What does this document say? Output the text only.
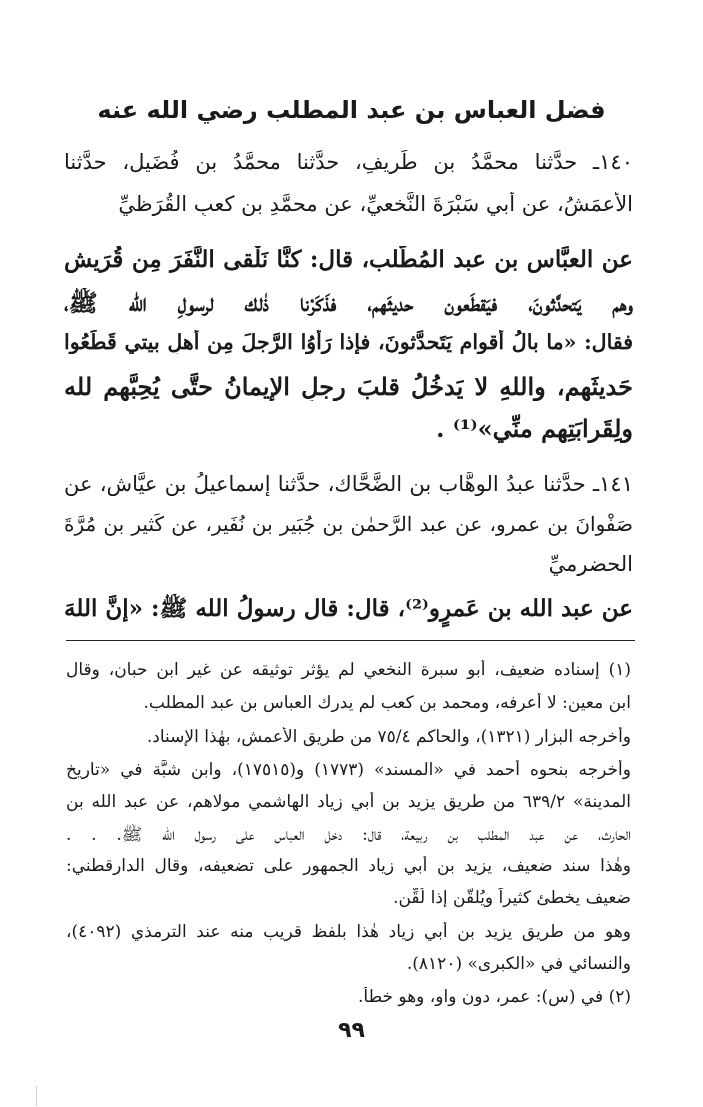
فضل العباس بن عبد المطلب رضي الله عنه
١٤٠ـ حدَّثنا محمَّدُ بن طَرِيفٍ، حدَّثنا محمَّدُ بن فُضَيلٍ، حدَّثنا
الأعمَشُ، عن أبي سَبْرَةَ النَّخعيِّ، عن محمَّدِ بن كعبٍ القُرَظيِّ
عن العبَّاس بن عبد المُطَّلب، قال: كنَّا نَلْقى النَّفَرَ مِن قُرَيشٍ
وهم يَتحدَّثونَ، فيَقطَعون حديثَهم، فذَكَرْنا ذٰلك لرسولِ الله ﷺ،
فقال: «ما بالُ أقوامٍ يَتَحدَّثونَ، فإذا رَأَوُا الرَّجلَ مِن أهلِ بيتي قَطَعُوا
حَديثَهم، واللهِ لا يَدخُلُ قلبَ رجلٍ الإيمانُ حتَّى يُحِبَّهم لله
ولِقَرابَتِهم منِّي»⁽¹⁾ .
١٤١ـ حدَّثنا عبدُ الوهَّاب بن الضَّحَّاك، حدَّثنا إسماعيلُ بن عيَّاش، عن
صَفْوانَ بن عمرو، عن عبد الرَّحمٰن بن جُبَير بن نُفَير، عن كَثيرِ بن مُرَّةَ
الحضرميِّ
عن عبد الله بن عَمرٍو⁽²⁾، قال: قال رسولُ الله ﷺ: «إنَّ اللهَ
(١) إسناده ضعيف، أبو سبرة النخعي لم يؤثر توثيقه عن غير ابن حبان، وقال
ابن معين: لا أعرفه، ومحمد بن كعب لم يدرك العباس بن عبد المطلب.
وأخرجه البزار (١٣٢١)، والحاكم ٧٥/٤ من طريق الأعمش، بهٰذا الإسناد.
وأخرجه بنحوه أحمد في «المسند» (١٧٧٣) و(١٧٥١٥)، وابن شبَّة في «تاريخ
المدينة» ٦٣٩/٢ من طريق يزيد بن أبي زياد الهاشمي مولاهم، عن عبد الله بن
الحارث، عن عبد المطلب بن ربيعة، قال: دخل العباس على رسول الله ﷺ. . .
وهٰذا سند ضعيف، يزيد بن أبي زياد الجمهور على تضعيفه، وقال الدارقطني:
ضعيف يخطئ كثيراً ويُلقَّن إذا لُقِّن.
وهو من طريق يزيد بن أبي زياد هٰذا بلفظ قريب منه عند الترمذي (٤٠٩٢)،
والنسائي في «الكبرى» (٨١٢٠).
(٢) في (س): عمر، دون واو، وهو خطأ.
٩٩
